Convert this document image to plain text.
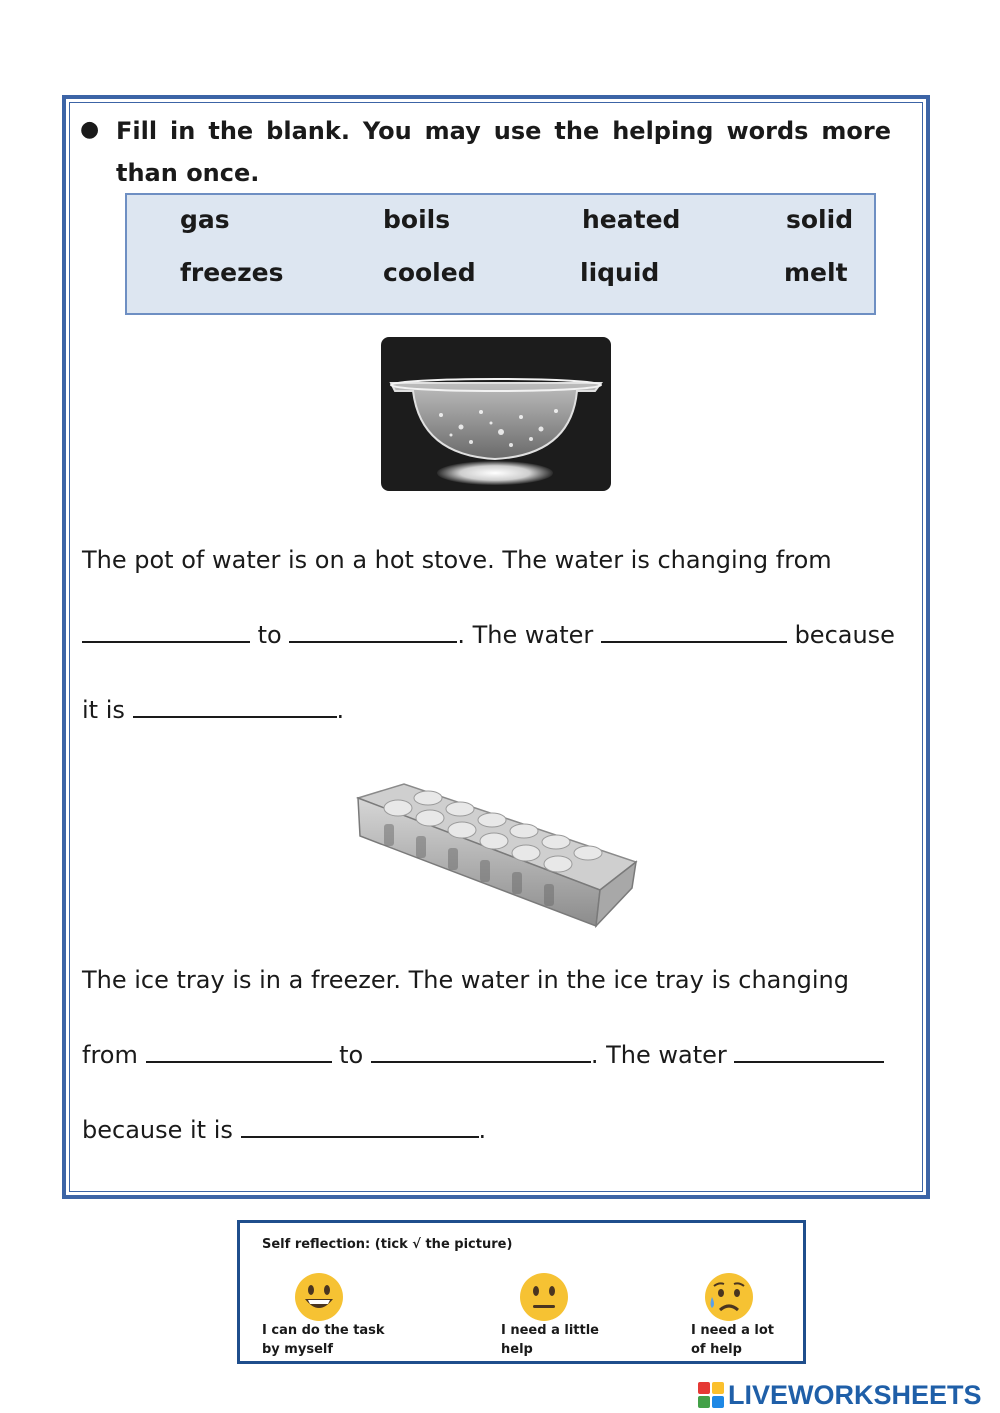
● Fill in the blank. You may use the helping words more than once.
gas	boils	heated	solid
freezes	cooled	liquid	melt
The pot of water is on a hot stove. The water is changing from
to	. The water	because
it is	.
The ice tray is in a freezer. The water in the ice tray is changing
from	to	. The water
because it is	.
Self reflection: (tick √ the picture)
I can do the task
by myself
I need a little
help
I need a lot
of help
LIVEWORKSHEETS
